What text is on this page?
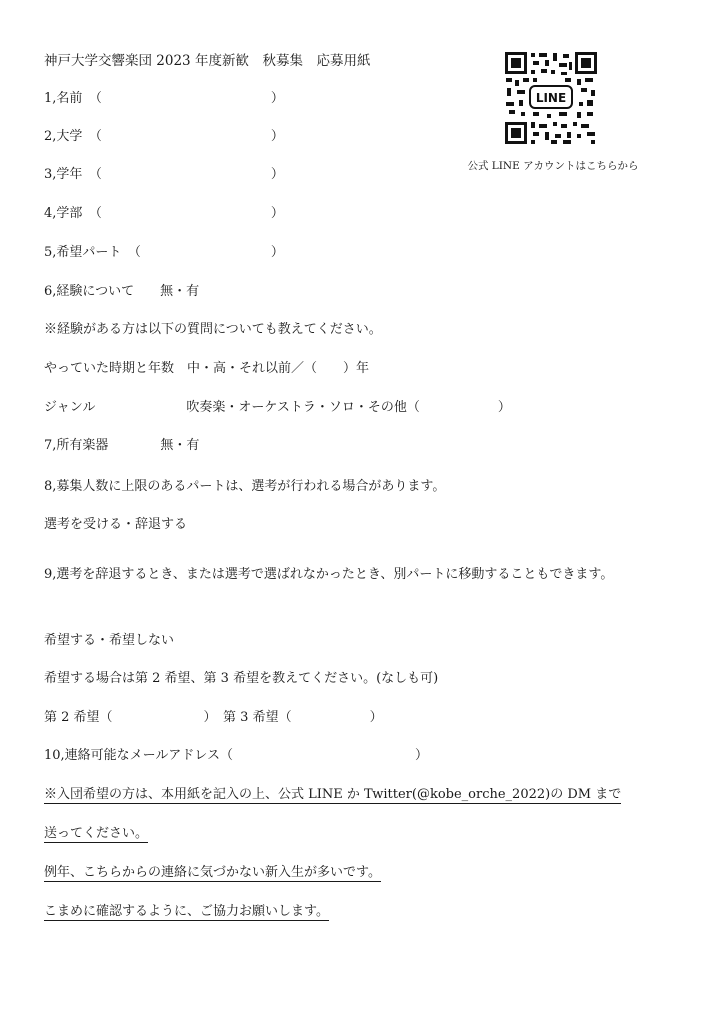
神戸大学交響楽団 2023 年度新歓　秋募集　応募用紙
LINE
公式 LINE アカウントはこちらから
1,名前　（　　　　　　　　　　　　　）
2,大学　（　　　　　　　　　　　　　）
3,学年　（　　　　　　　　　　　　　）
4,学部　（　　　　　　　　　　　　　）
5,希望パート　（　　　　　　　　　　）
6,経験について　　無・有
※経験がある方は以下の質問についても教えてください。
やっていた時期と年数　中・高・それ以前／（　　）年
ジャンル　　　　　　　吹奏楽・オーケストラ・ソロ・その他（　　　　　　）
7,所有楽器　　　　無・有
8,募集人数に上限のあるパートは、選考が行われる場合があります。
選考を受ける・辞退する
9,選考を辞退するとき、または選考で選ばれなかったとき、別パートに移動することもできます。
希望する・希望しない
希望する場合は第 2 希望、第 3 希望を教えてください。(なしも可)
第 2 希望（　　　　　　　）　第 3 希望（　　　　　　）
10,連絡可能なメールアドレス（　　　　　　　　　　　　　　）
※入団希望の方は、本用紙を記入の上、公式 LINE か Twitter(@kobe_orche_2022)の DM まで
送ってください。
例年、こちらからの連絡に気づかない新入生が多いです。
こまめに確認するように、ご協力お願いします。
